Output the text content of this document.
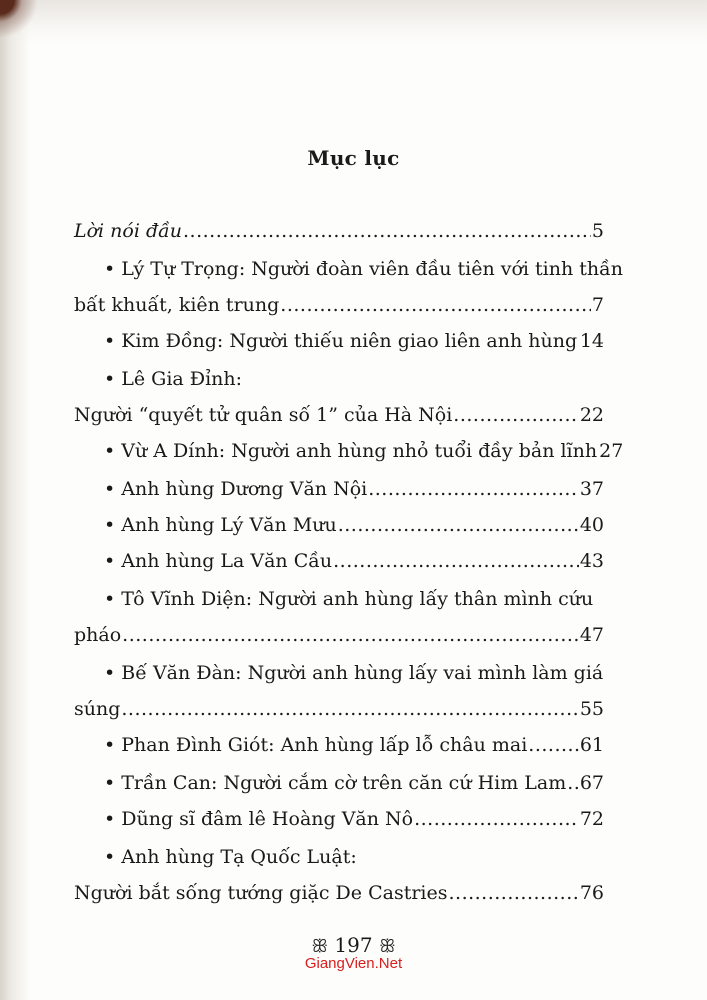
Mục lục
Lời nói đầu .....	5
• Lý Tự Trọng: Người đoàn viên đầu tiên với tinh thần
bất khuất, kiên trung .....	7
• Kim Đồng: Người thiếu niên giao liên anh hùng ..... 14
• Lê Gia Đỉnh:
Người “quyết tử quân số 1” của Hà Nội .....	22
• Vừ A Dính: Người anh hùng nhỏ tuổi đầy bản lĩnh 27
• Anh hùng Dương Văn Nội .....	37
• Anh hùng Lý Văn Mưu .....	40
• Anh hùng La Văn Cầu .....	43
• Tô Vĩnh Diện: Người anh hùng lấy thân mình cứu
pháo .....	47
• Bế Văn Đàn: Người anh hùng lấy vai mình làm giá
súng .....	55
• Phan Đình Giót: Anh hùng lấp lỗ châu mai .....	61
• Trần Can: Người cắm cờ trên căn cứ Him Lam ..... 67
• Dũng sĩ đâm lê Hoàng Văn Nô .....	72
• Anh hùng Tạ Quốc Luật:
Người bắt sống tướng giặc De Castries .....	76
ꕥ 197 ꕥ
GiangVien.Net
